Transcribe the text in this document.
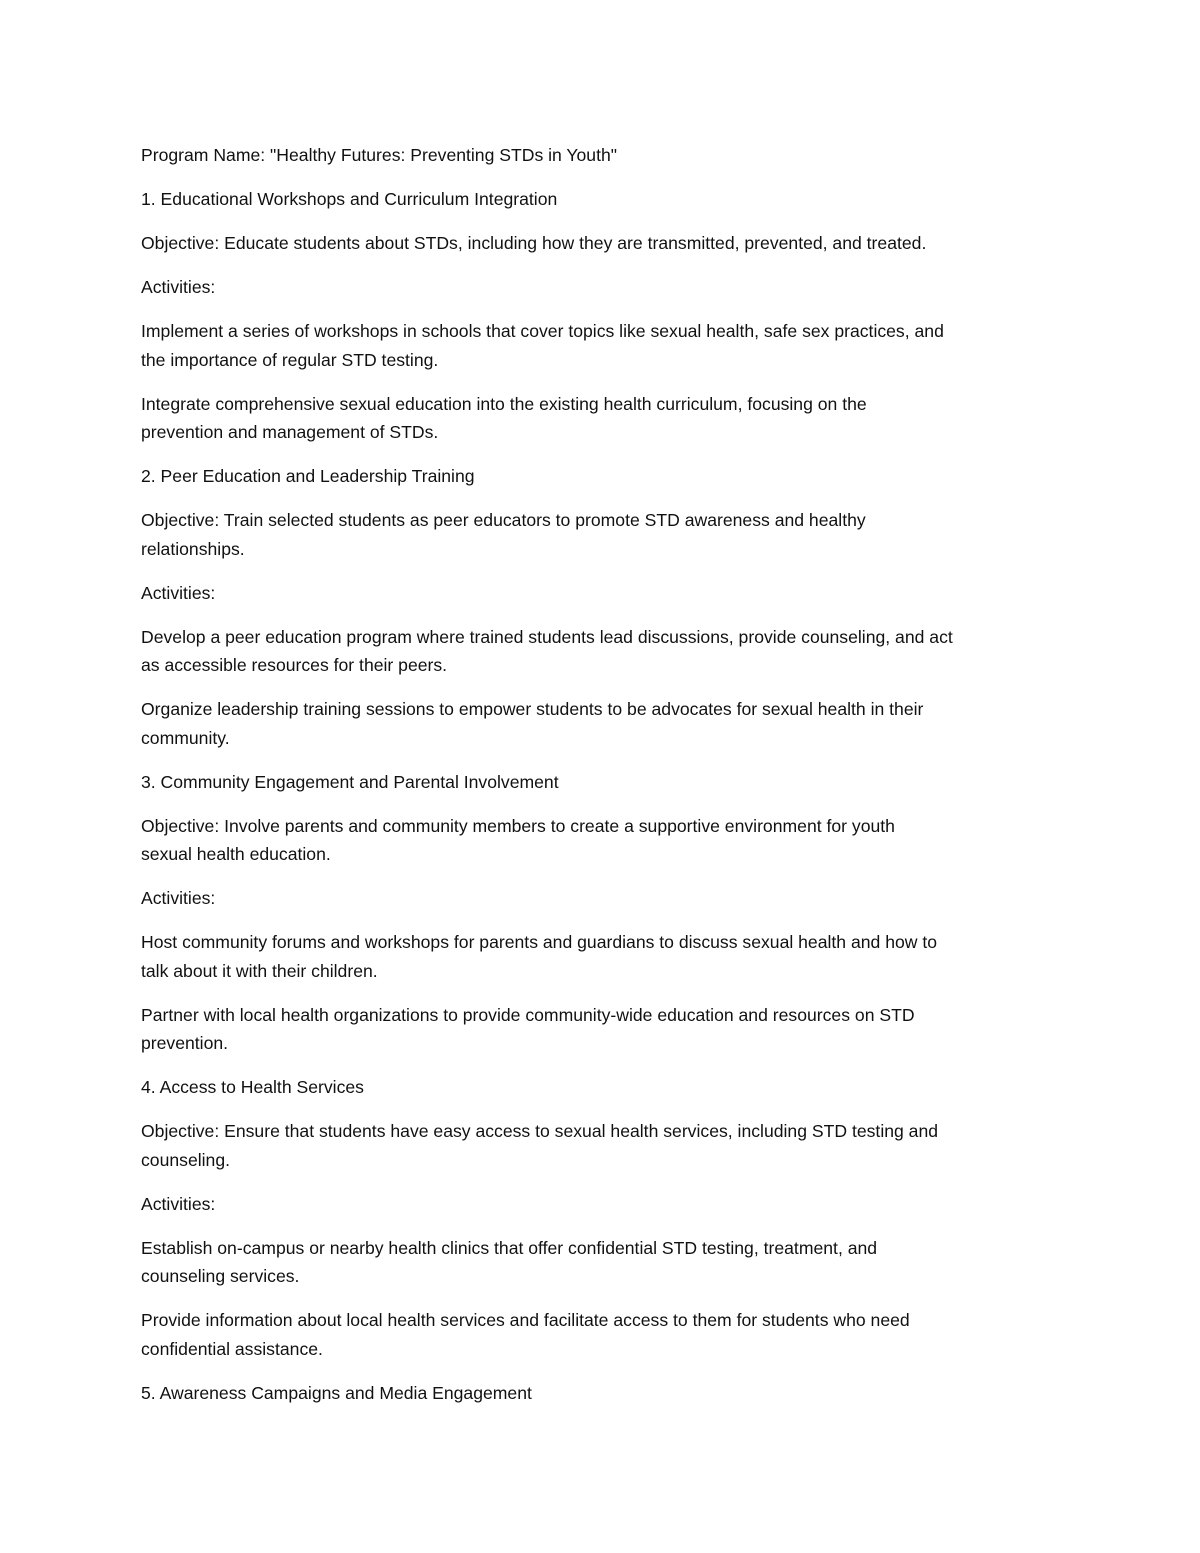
Program Name: "Healthy Futures: Preventing STDs in Youth"

1. Educational Workshops and Curriculum Integration

Objective: Educate students about STDs, including how they are transmitted, prevented, and treated.

Activities:

Implement a series of workshops in schools that cover topics like sexual health, safe sex practices, and
the importance of regular STD testing.

Integrate comprehensive sexual education into the existing health curriculum, focusing on the
prevention and management of STDs.

2. Peer Education and Leadership Training

Objective: Train selected students as peer educators to promote STD awareness and healthy
relationships.

Activities:

Develop a peer education program where trained students lead discussions, provide counseling, and act
as accessible resources for their peers.

Organize leadership training sessions to empower students to be advocates for sexual health in their
community.

3. Community Engagement and Parental Involvement

Objective: Involve parents and community members to create a supportive environment for youth
sexual health education.

Activities:

Host community forums and workshops for parents and guardians to discuss sexual health and how to
talk about it with their children.

Partner with local health organizations to provide community-wide education and resources on STD
prevention.

4. Access to Health Services

Objective: Ensure that students have easy access to sexual health services, including STD testing and
counseling.

Activities:

Establish on-campus or nearby health clinics that offer confidential STD testing, treatment, and
counseling services.

Provide information about local health services and facilitate access to them for students who need
confidential assistance.

5. Awareness Campaigns and Media Engagement
